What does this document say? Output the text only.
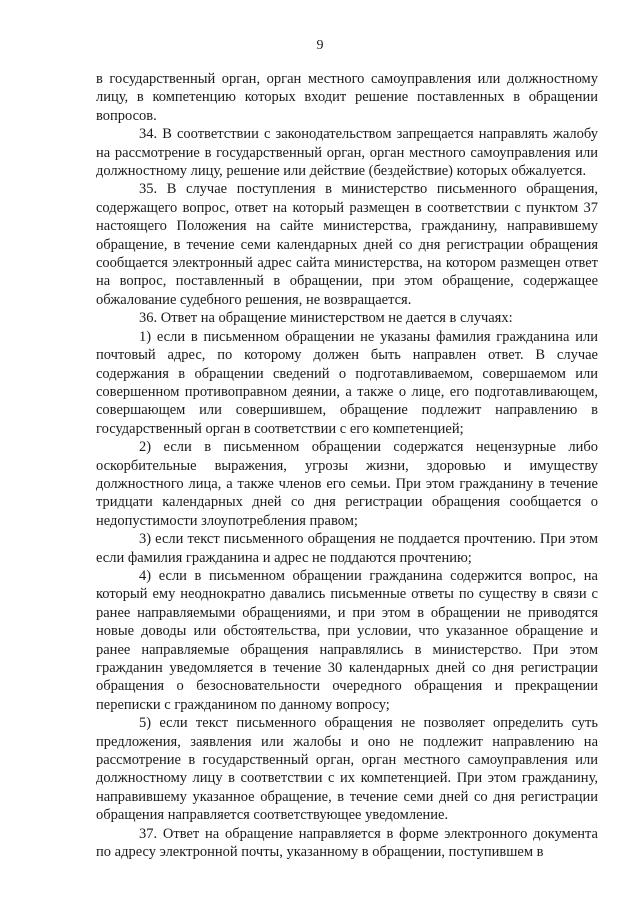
9

в государственный орган, орган местного самоуправления или должностному лицу, в компетенцию которых входит решение поставленных в обращении вопросов.

34. В соответствии с законодательством запрещается направлять жалобу на рассмотрение в государственный орган, орган местного самоуправления или должностному лицу, решение или действие (бездействие) которых обжалуется.

35. В случае поступления в министерство письменного обращения, содержащего вопрос, ответ на который размещен в соответствии с пунктом 37 настоящего Положения на сайте министерства, гражданину, направившему обращение, в течение семи календарных дней со дня регистрации обращения сообщается электронный адрес сайта министерства, на котором размещен ответ на вопрос, поставленный в обращении, при этом обращение, содержащее обжалование судебного решения, не возвращается.

36. Ответ на обращение министерством не дается в случаях:

1) если в письменном обращении не указаны фамилия гражданина или почтовый адрес, по которому должен быть направлен ответ. В случае содержания в обращении сведений о подготавливаемом, совершаемом или совершенном противоправном деянии, а также о лице, его подготавливающем, совершающем или совершившем, обращение подлежит направлению в государственный орган в соответствии с его компетенцией;

2) если в письменном обращении содержатся нецензурные либо оскорбительные выражения, угрозы жизни, здоровью и имуществу должностного лица, а также членов его семьи. При этом гражданину в течение тридцати календарных дней со дня регистрации обращения сообщается о недопустимости злоупотребления правом;

3) если текст письменного обращения не поддается прочтению. При этом если фамилия гражданина и адрес не поддаются прочтению;

4) если в письменном обращении гражданина содержится вопрос, на который ему неоднократно давались письменные ответы по существу в связи с ранее направляемыми обращениями, и при этом в обращении не приводятся новые доводы или обстоятельства, при условии, что указанное обращение и ранее направляемые обращения направлялись в министерство. При этом гражданин уведомляется в течение 30 календарных дней со дня регистрации обращения о безосновательности очередного обращения и прекращении переписки с гражданином по данному вопросу;

5) если текст письменного обращения не позволяет определить суть предложения, заявления или жалобы и оно не подлежит направлению на рассмотрение в государственный орган, орган местного самоуправления или должностному лицу в соответствии с их компетенцией. При этом гражданину, направившему указанное обращение, в течение семи дней со дня регистрации обращения направляется соответствующее уведомление.

37. Ответ на обращение направляется в форме электронного документа по адресу электронной почты, указанному в обращении, поступившем в
